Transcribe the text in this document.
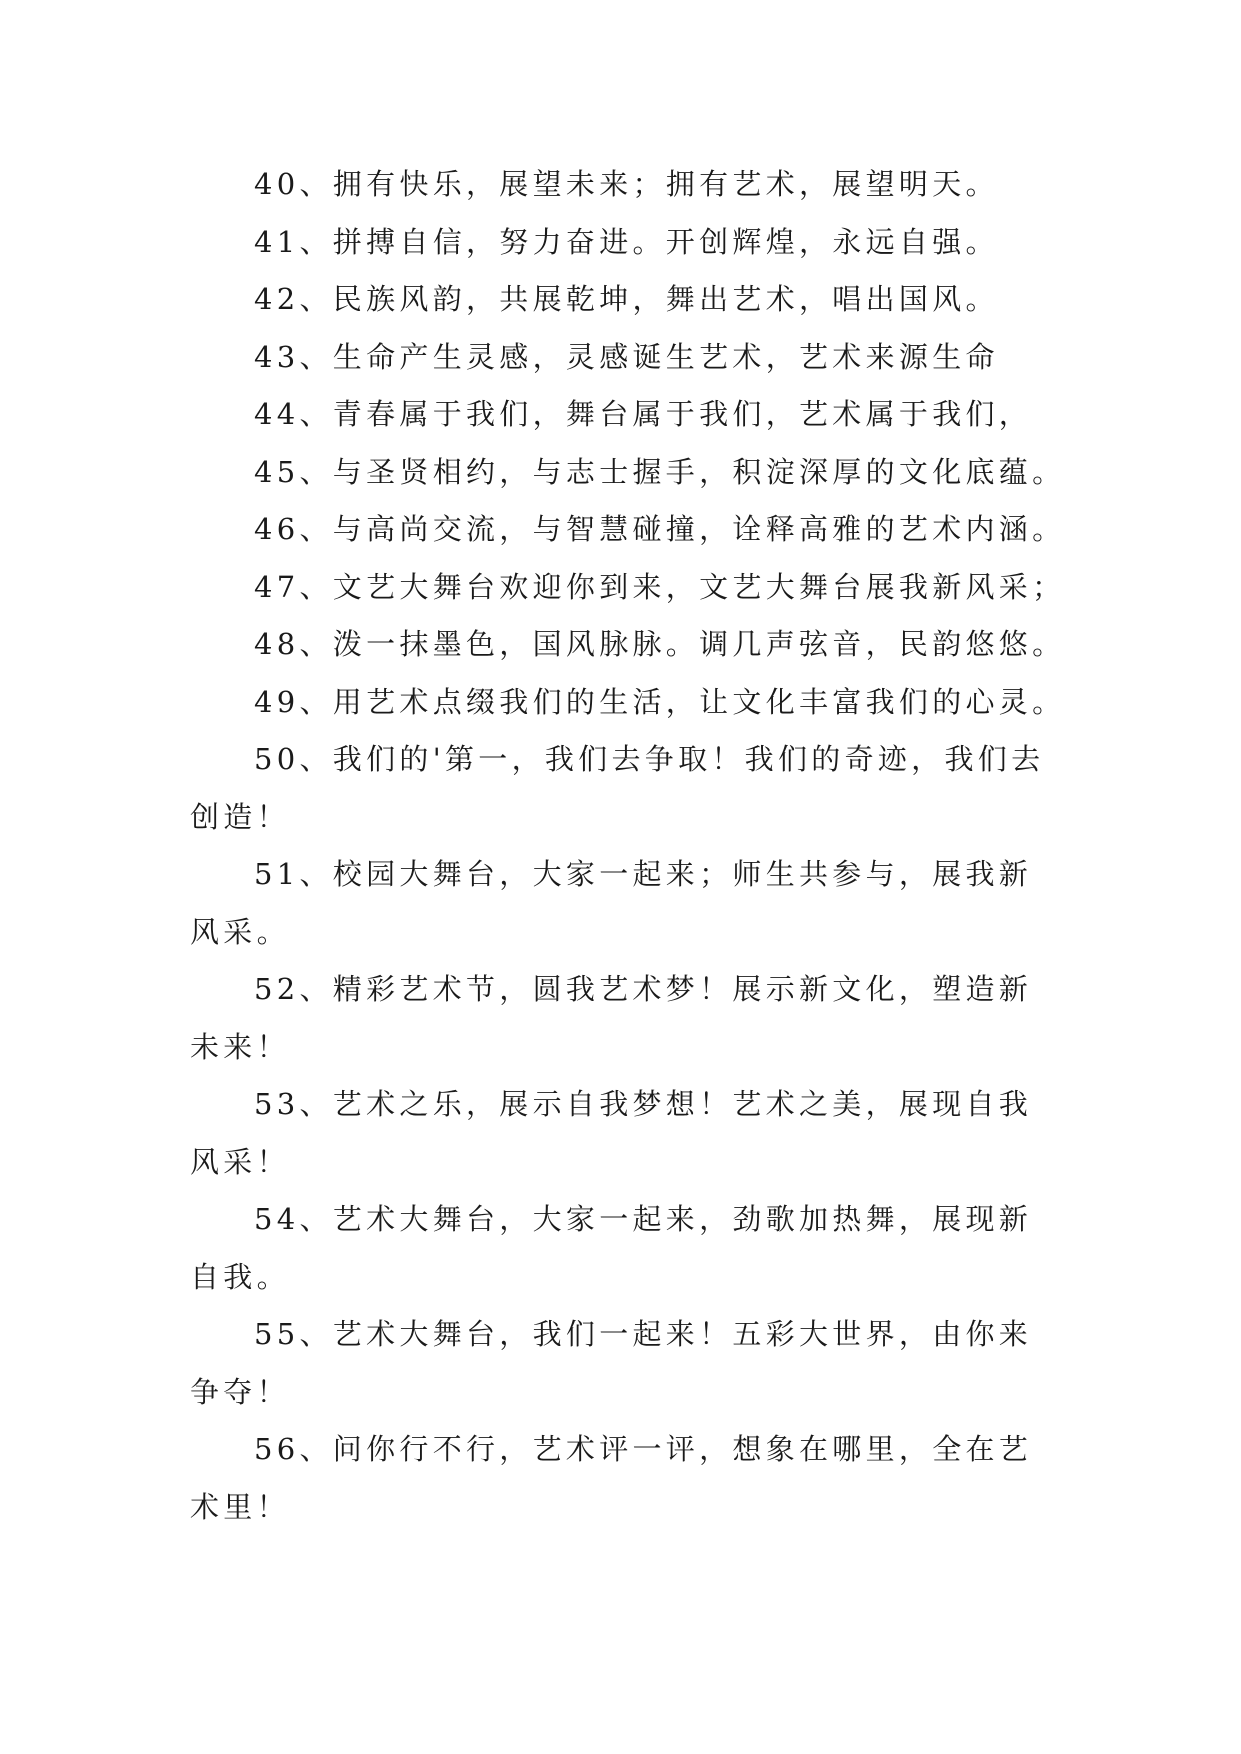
40、拥有快乐，展望未来；拥有艺术，展望明天。

41、拼搏自信，努力奋进。开创辉煌，永远自强。

42、民族风韵，共展乾坤，舞出艺术，唱出国风。

43、生命产生灵感，灵感诞生艺术，艺术来源生命

44、青春属于我们，舞台属于我们，艺术属于我们，

45、与圣贤相约，与志士握手，积淀深厚的文化底蕴。

46、与高尚交流，与智慧碰撞，诠释高雅的艺术内涵。

47、文艺大舞台欢迎你到来，文艺大舞台展我新风采；

48、泼一抹墨色，国风脉脉。调几声弦音，民韵悠悠。

49、用艺术点缀我们的生活，让文化丰富我们的心灵。

50、我们的'第一，我们去争取！我们的奇迹，我们去创造！

51、校园大舞台，大家一起来；师生共参与，展我新风采。

52、精彩艺术节，圆我艺术梦！展示新文化，塑造新未来！

53、艺术之乐，展示自我梦想！艺术之美，展现自我风采！

54、艺术大舞台，大家一起来，劲歌加热舞，展现新自我。

55、艺术大舞台，我们一起来！五彩大世界，由你来争夺！

56、问你行不行，艺术评一评，想象在哪里，全在艺术里！
